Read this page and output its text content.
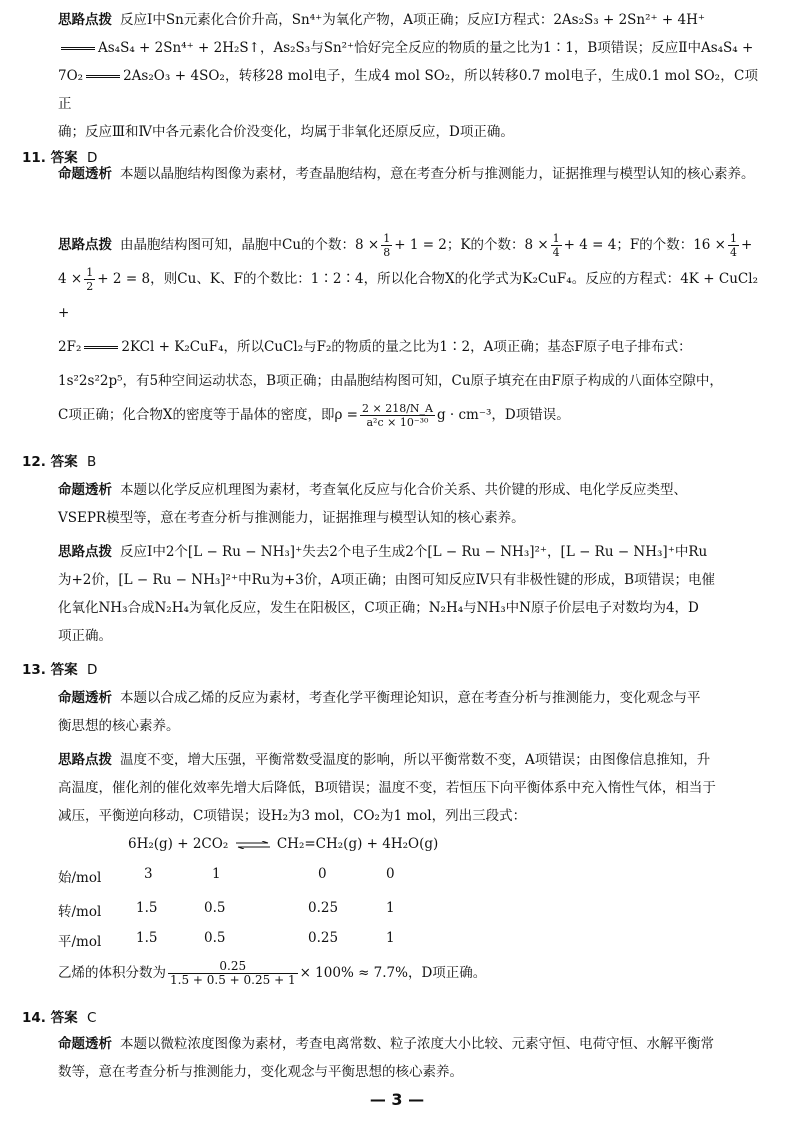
思路点拨 反应Ⅰ中Sn元素化合价升高，Sn⁴⁺为氧化产物，A项正确；反应Ⅰ方程式：2As₂S₃ + 2Sn²⁺ + 4H⁺
As₄S₄ + 2Sn⁴⁺ + 2H₂S↑，As₂S₃与Sn²⁺恰好完全反应的物质的量之比为1∶1，B项错误；反应Ⅱ中As₄S₄ +
7O₂	2As₂O₃ + 4SO₂，转移28 mol电子，生成4 mol SO₂，所以转移0.7 mol电子，生成0.1 mol SO₂，C项正
确；反应Ⅲ和Ⅳ中各元素化合价没变化，均属于非氧化还原反应，D项正确。
11. 答案 D
命题透析 本题以晶胞结构图像为素材，考查晶胞结构，意在考查分析与推测能力，证据推理与模型认知的核心素养。
思路点拨 由晶胞结构图可知，晶胞中Cu的个数：$8 \times \frac{1}{8} + 1 = 2$；K的个数：$8 \times \frac{1}{4} + 4 = 4$；F的个数：$16 \times \frac{1}{4}$ +
$4 \times \frac{1}{2} + 2 = 8$，则Cu、K、F的个数比：1∶2∶4，所以化合物X的化学式为K₂CuF₄。反应的方程式：4K + CuCl₂ +
2F₂	2KCl + K₂CuF₄，所以CuCl₂与F₂的物质的量之比为1∶2，A项正确；基态F原子电子排布式：
1s²2s²2p⁵，有5种空间运动状态，B项正确；由晶胞结构图可知，Cu原子填充在由F原子构成的八面体空隙中，
C项正确；化合物X的密度等于晶体的密度，即$\rho = \frac{2 \times 218/N\_A}{\text{a²c × 10⁻³⁰}}$ g · cm⁻³，D项错误。
12. 答案 B
命题透析 本题以化学反应机理图为素材，考查氧化反应与化合价关系、共价键的形成、电化学反应类型、
VSEPR模型等，意在考查分析与推测能力，证据推理与模型认知的核心素养。
思路点拨 反应Ⅰ中2个[L − Ru − NH₃]⁺失去2个电子生成2个[L − Ru − NH₃]²⁺，[L − Ru − NH₃]⁺中Ru
为+2价，[L − Ru − NH₃]²⁺中Ru为+3价，A项正确；由图可知反应Ⅳ只有非极性键的形成，B项错误；电催
化氧化NH₃合成N₂H₄为氧化反应，发生在阳极区，C项正确；N₂H₄与NH₃中N原子价层电子对数均为4，D
项正确。
13. 答案 D
命题透析 本题以合成乙烯的反应为素材，考查化学平衡理论知识，意在考查分析与推测能力，变化观念与平
衡思想的核心素养。
思路点拨 温度不变，增大压强，平衡常数受温度的影响，所以平衡常数不变，A项错误；由图像信息推知，升
高温度，催化剂的催化效率先增大后降低，B项错误；温度不变，若恒压下向平衡体系中充入惰性气体，相当于
减压，平衡逆向移动，C项错误；设H₂为3 mol，CO₂为1 mol，列出三段式：
6H₂(g) + 2CO₂ ⇌ CH₂=CH₂(g) + 4H₂O(g)
始/mol	3	1	0	0
转/mol	1.5	0.5	0.25	1
平/mol	1.5	0.5	0.25	1
乙烯的体积分数为 $\frac{0.25}{1.5 + 0.5 + 0.25 + 1} \times 100\% \approx 7.7\%$，D项正确。
14. 答案 C
命题透析 本题以微粒浓度图像为素材，考查电离常数、粒子浓度大小比较、元素守恒、电荷守恒、水解平衡常
数等，意在考查分析与推测能力，变化观念与平衡思想的核心素养。
— 3 —
